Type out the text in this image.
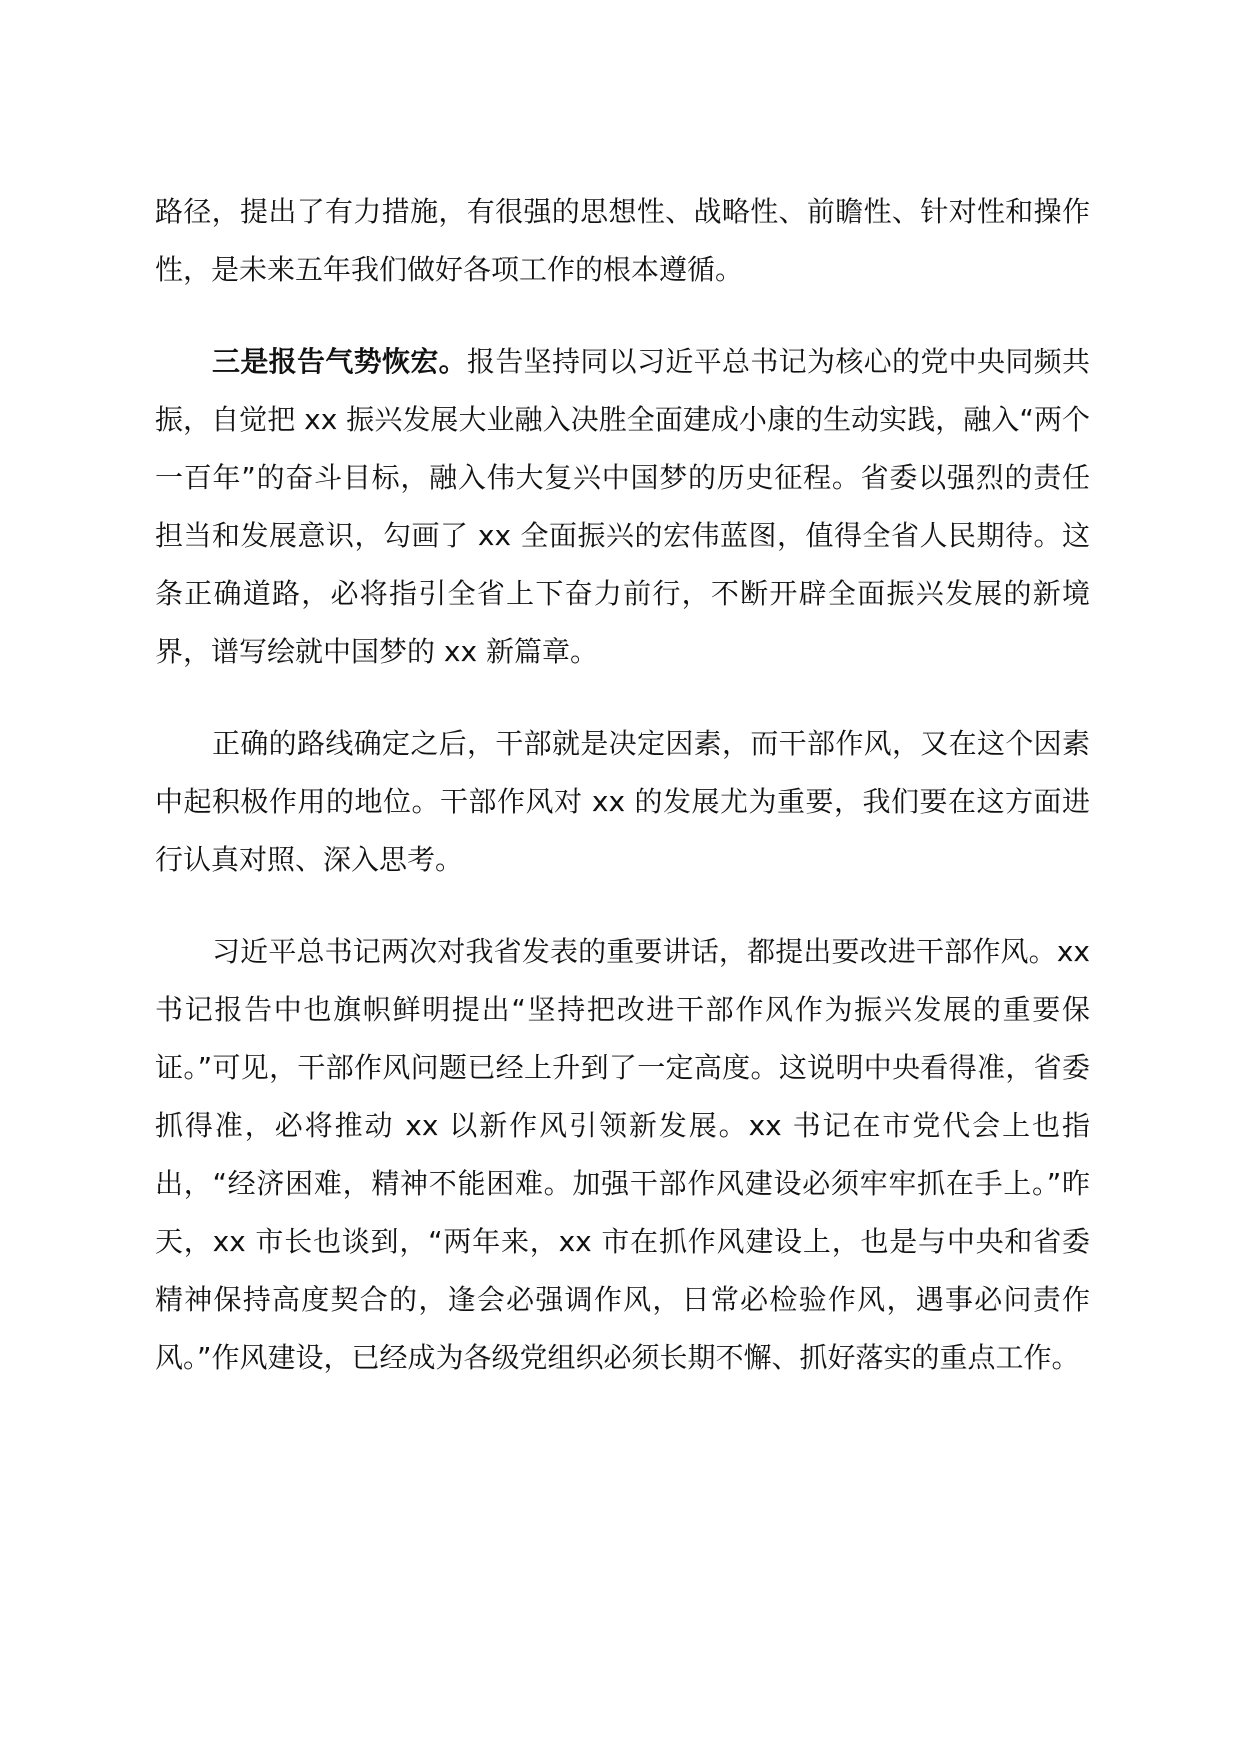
路径，提出了有力措施，有很强的思想性、战略性、前瞻性、针对性和操作性，是未来五年我们做好各项工作的根本遵循。

三是报告气势恢宏。报告坚持同以习近平总书记为核心的党中央同频共振，自觉把 xx 振兴发展大业融入决胜全面建成小康的生动实践，融入“两个一百年”的奋斗目标，融入伟大复兴中国梦的历史征程。省委以强烈的责任担当和发展意识，勾画了 xx 全面振兴的宏伟蓝图，值得全省人民期待。这条正确道路，必将指引全省上下奋力前行，不断开辟全面振兴发展的新境界，谱写绘就中国梦的 xx 新篇章。

正确的路线确定之后，干部就是决定因素，而干部作风，又在这个因素中起积极作用的地位。干部作风对 xx 的发展尤为重要，我们要在这方面进行认真对照、深入思考。

习近平总书记两次对我省发表的重要讲话，都提出要改进干部作风。xx 书记报告中也旗帜鲜明提出“坚持把改进干部作风作为振兴发展的重要保证。”可见，干部作风问题已经上升到了一定高度。这说明中央看得准，省委抓得准，必将推动 xx 以新作风引领新发展。xx 书记在市党代会上也指出，“经济困难，精神不能困难。加强干部作风建设必须牢牢抓在手上。”昨天，xx 市长也谈到，“两年来，xx 市在抓作风建设上，也是与中央和省委精神保持高度契合的，逢会必强调作风，日常必检验作风，遇事必问责作风。”作风建设，已经成为各级党组织必须长期不懈、抓好落实的重点工作。
